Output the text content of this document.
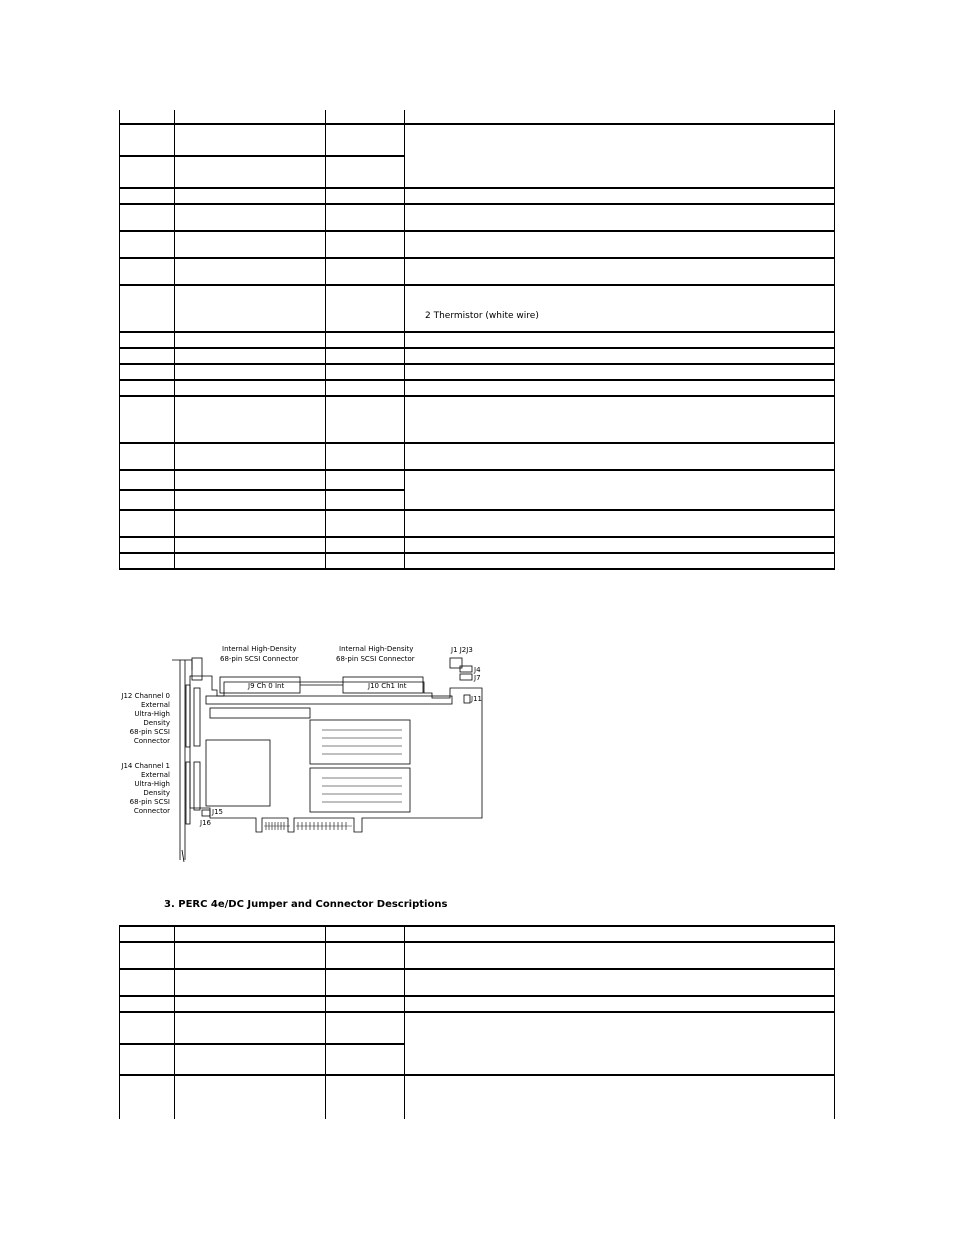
			2 Thermistor (white wire)

Internal High-Density
68-pin SCSI Connector
Internal High-Density
68-pin SCSI Connector
J9 Ch 0 Int	J10 Ch1 Int
J1 J2J3
J4
J7
J11
J15
J16
J12 Channel 0
External
Ultra-High
Density
68-pin SCSI
Connector
J14 Channel 1
External
Ultra-High
Density
68-pin SCSI
Connector
3. PERC 4e/DC Jumper and Connector Descriptions
